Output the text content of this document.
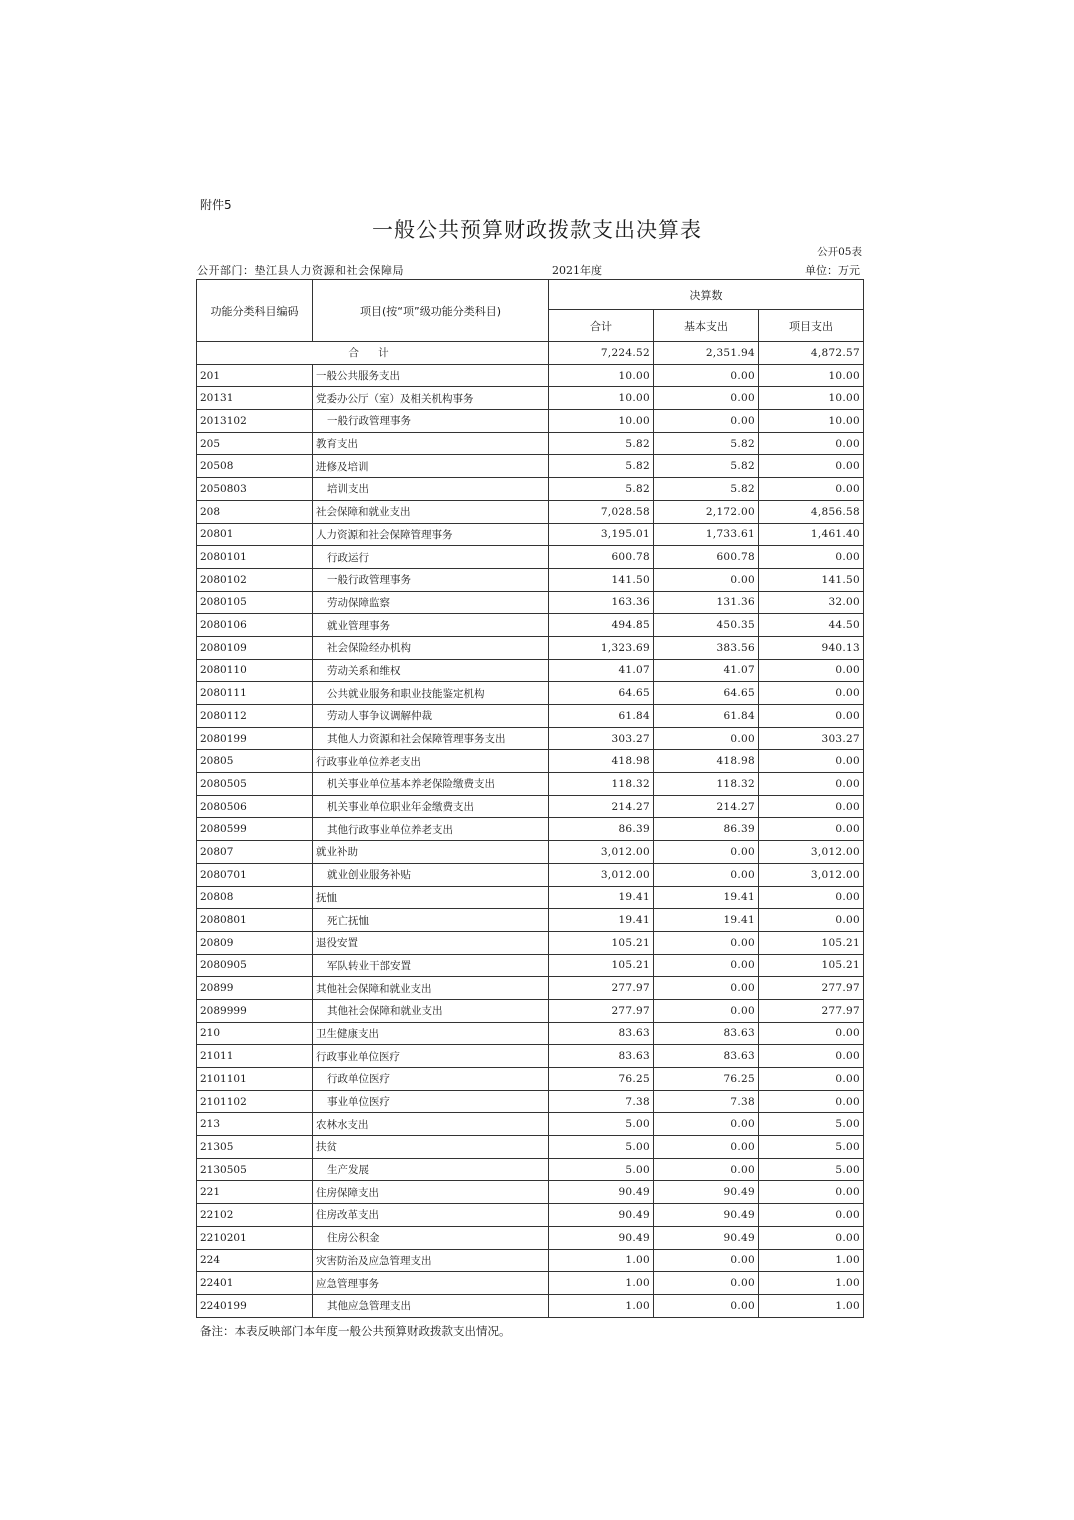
附件5
一般公共预算财政拨款支出决算表
公开05表
公开部门：垫江县人力资源和社会保障局	2021年度	单位：万元
功能分类科目编码	项目(按“项”级功能分类科目)	决算数		
		合计	基本支出	项目支出
合 计		7,224.52	2,351.94	4,872.57
201	一般公共服务支出	10.00	0.00	10.00
20131	党委办公厅（室）及相关机构事务	10.00	0.00	10.00
2013102	一般行政管理事务	10.00	0.00	10.00
205	教育支出	5.82	5.82	0.00
20508	进修及培训	5.82	5.82	0.00
2050803	培训支出	5.82	5.82	0.00
208	社会保障和就业支出	7,028.58	2,172.00	4,856.58
20801	人力资源和社会保障管理事务	3,195.01	1,733.61	1,461.40
2080101	行政运行	600.78	600.78	0.00
2080102	一般行政管理事务	141.50	0.00	141.50
2080105	劳动保障监察	163.36	131.36	32.00
2080106	就业管理事务	494.85	450.35	44.50
2080109	社会保险经办机构	1,323.69	383.56	940.13
2080110	劳动关系和维权	41.07	41.07	0.00
2080111	公共就业服务和职业技能鉴定机构	64.65	64.65	0.00
2080112	劳动人事争议调解仲裁	61.84	61.84	0.00
2080199	其他人力资源和社会保障管理事务支出	303.27	0.00	303.27
20805	行政事业单位养老支出	418.98	418.98	0.00
2080505	机关事业单位基本养老保险缴费支出	118.32	118.32	0.00
2080506	机关事业单位职业年金缴费支出	214.27	214.27	0.00
2080599	其他行政事业单位养老支出	86.39	86.39	0.00
20807	就业补助	3,012.00	0.00	3,012.00
2080701	就业创业服务补贴	3,012.00	0.00	3,012.00
20808	抚恤	19.41	19.41	0.00
2080801	死亡抚恤	19.41	19.41	0.00
20809	退役安置	105.21	0.00	105.21
2080905	军队转业干部安置	105.21	0.00	105.21
20899	其他社会保障和就业支出	277.97	0.00	277.97
2089999	其他社会保障和就业支出	277.97	0.00	277.97
210	卫生健康支出	83.63	83.63	0.00
21011	行政事业单位医疗	83.63	83.63	0.00
2101101	行政单位医疗	76.25	76.25	0.00
2101102	事业单位医疗	7.38	7.38	0.00
213	农林水支出	5.00	0.00	5.00
21305	扶贫	5.00	0.00	5.00
2130505	生产发展	5.00	0.00	5.00
221	住房保障支出	90.49	90.49	0.00
22102	住房改革支出	90.49	90.49	0.00
2210201	住房公积金	90.49	90.49	0.00
224	灾害防治及应急管理支出	1.00	0.00	1.00
22401	应急管理事务	1.00	0.00	1.00
2240199	其他应急管理支出	1.00	0.00	1.00
备注：本表反映部门本年度一般公共预算财政拨款支出情况。
